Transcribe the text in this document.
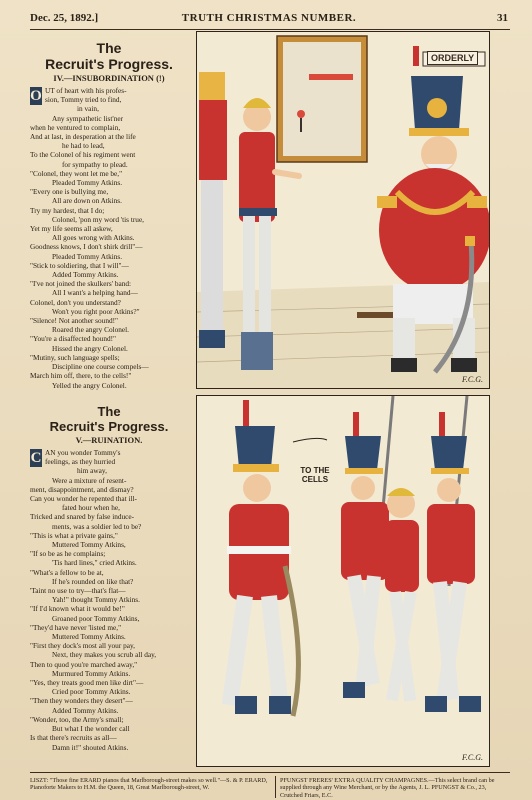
Dec. 25, 1892.]	TRUTH CHRISTMAS NUMBER.	31
The
Recruit's Progress.
IV.—INSUBORDINATION (!)
O UT of heart with his profes-
sion, Tommy tried to find,
in vain,
Any sympathetic list'ner
when he ventured to complain,
And at last, in desperation at the life
he had to lead,
To the Colonel of his regiment went
for sympathy to plead.
"Colonel, they wont let me be,"
Pleaded Tommy Atkins.
"Every one is bullying me,
All are down on Atkins.
Try my hardest, that I do;
Colonel, 'pon my word 'tis true,
Yet my life seems all askew,
All goes wrong with Atkins.
Goodness knows, I don't shirk drill"—
Pleaded Tommy Atkins.
"Stick to soldiering, that I will"—
Added Tommy Atkins.
"I've not joined the skulkers' band:
All I want's a helping hand—
Colonel, don't you understand?
Won't you right poor Atkins?"
"Silence! Not another sound!"
Roared the angry Colonel.
"You're a disaffected hound!"
Hissed the angry Colonel.
"Mutiny, such language spells;
Discipline one course compels—
March him off, there, to the cells!"
Yelled the angry Colonel.
The
Recruit's Progress.
V.—RUINATION.
C AN you wonder Tommy's
feelings, as they hurried
him away,
Were a mixture of resent-
ment, disappointment, and dismay?
Can you wonder he repented that ill-
fated hour when he,
Tricked and snared by false induce-
ments, was a soldier led to be?
"This is what a private gains,"
Muttered Tommy Atkins,
"If so be as he complains;
'Tis hard lines," cried Atkins.
"What's a fellow to be at,
If he's rounded on like that?
'Taint no use to try—that's flat—
Yah!" thought Tommy Atkins.
"If I'd known what it would be!"
Groaned poor Tommy Atkins,
"They'd have never 'listed me,"
Muttered Tommy Atkins.
"First they dock's most all your pay,
Next, they makes you scrub all day,
Then to quod you're marched away,"
Murmured Tommy Atkins.
"Yes, they treats good men like dirt"—
Cried poor Tommy Atkins.
"Then they wonders they desert"—
Added Tommy Atkins.
"Wonder, too, the Army's small;
But what I the wonder call
Is that there's recruits as all—
Damn it!" shouted Atkins.
ORDERLY
F.C.G.
TO THE CELLS
F.C.G.
LISZT: "Those fine ERARD pianos that Marlborough-street makes so well."—S. & P. ERARD, Pianoforte Makers to H.M. the Queen, 18, Great Marlborough-street, W.
PFUNGST FRERES' EXTRA QUALITY CHAMPAGNES.—This select brand can be supplied through any Wine Merchant, or by the Agents, J. L. PFUNGST & Co., 23, Crutched Friars, E.C.
